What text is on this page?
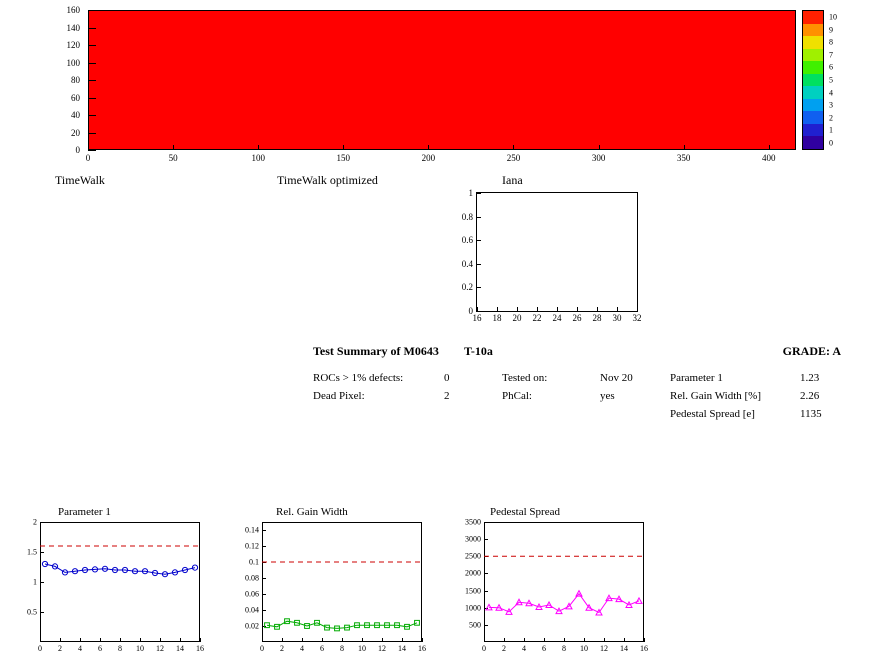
0
20
40
60
80
100
120
140
160
0	50	100	150	200	250	300	350	400
0
1
2
3
4
5
6
7
8
9
10
TimeWalk	TimeWalk optimized	Iana
0
0.2
0.4
0.6
0.8
1
16 18 20 22 24 26 28 30 32
Test Summary of M0643 T-10a	GRADE: A
ROCs > 1% defects:	0
Dead Pixel:	2
Tested on:	Nov 20
PhCal:	yes
Parameter 1	1.23
Rel. Gain Width [%]	2.26
Pedestal Spread [e]	1135
Parameter 1
0.5
1
1.5
2
0 2 4 6 8 10 12 14 16
Rel. Gain Width
0.02
0.04
0.06
0.08
0.1
0.12
0.14
0 2 4 6 8 10 12 14 16
Pedestal Spread
500
1000
1500
2000
2500
3000
3500
0 2 4 6 8 10 12 14 16
